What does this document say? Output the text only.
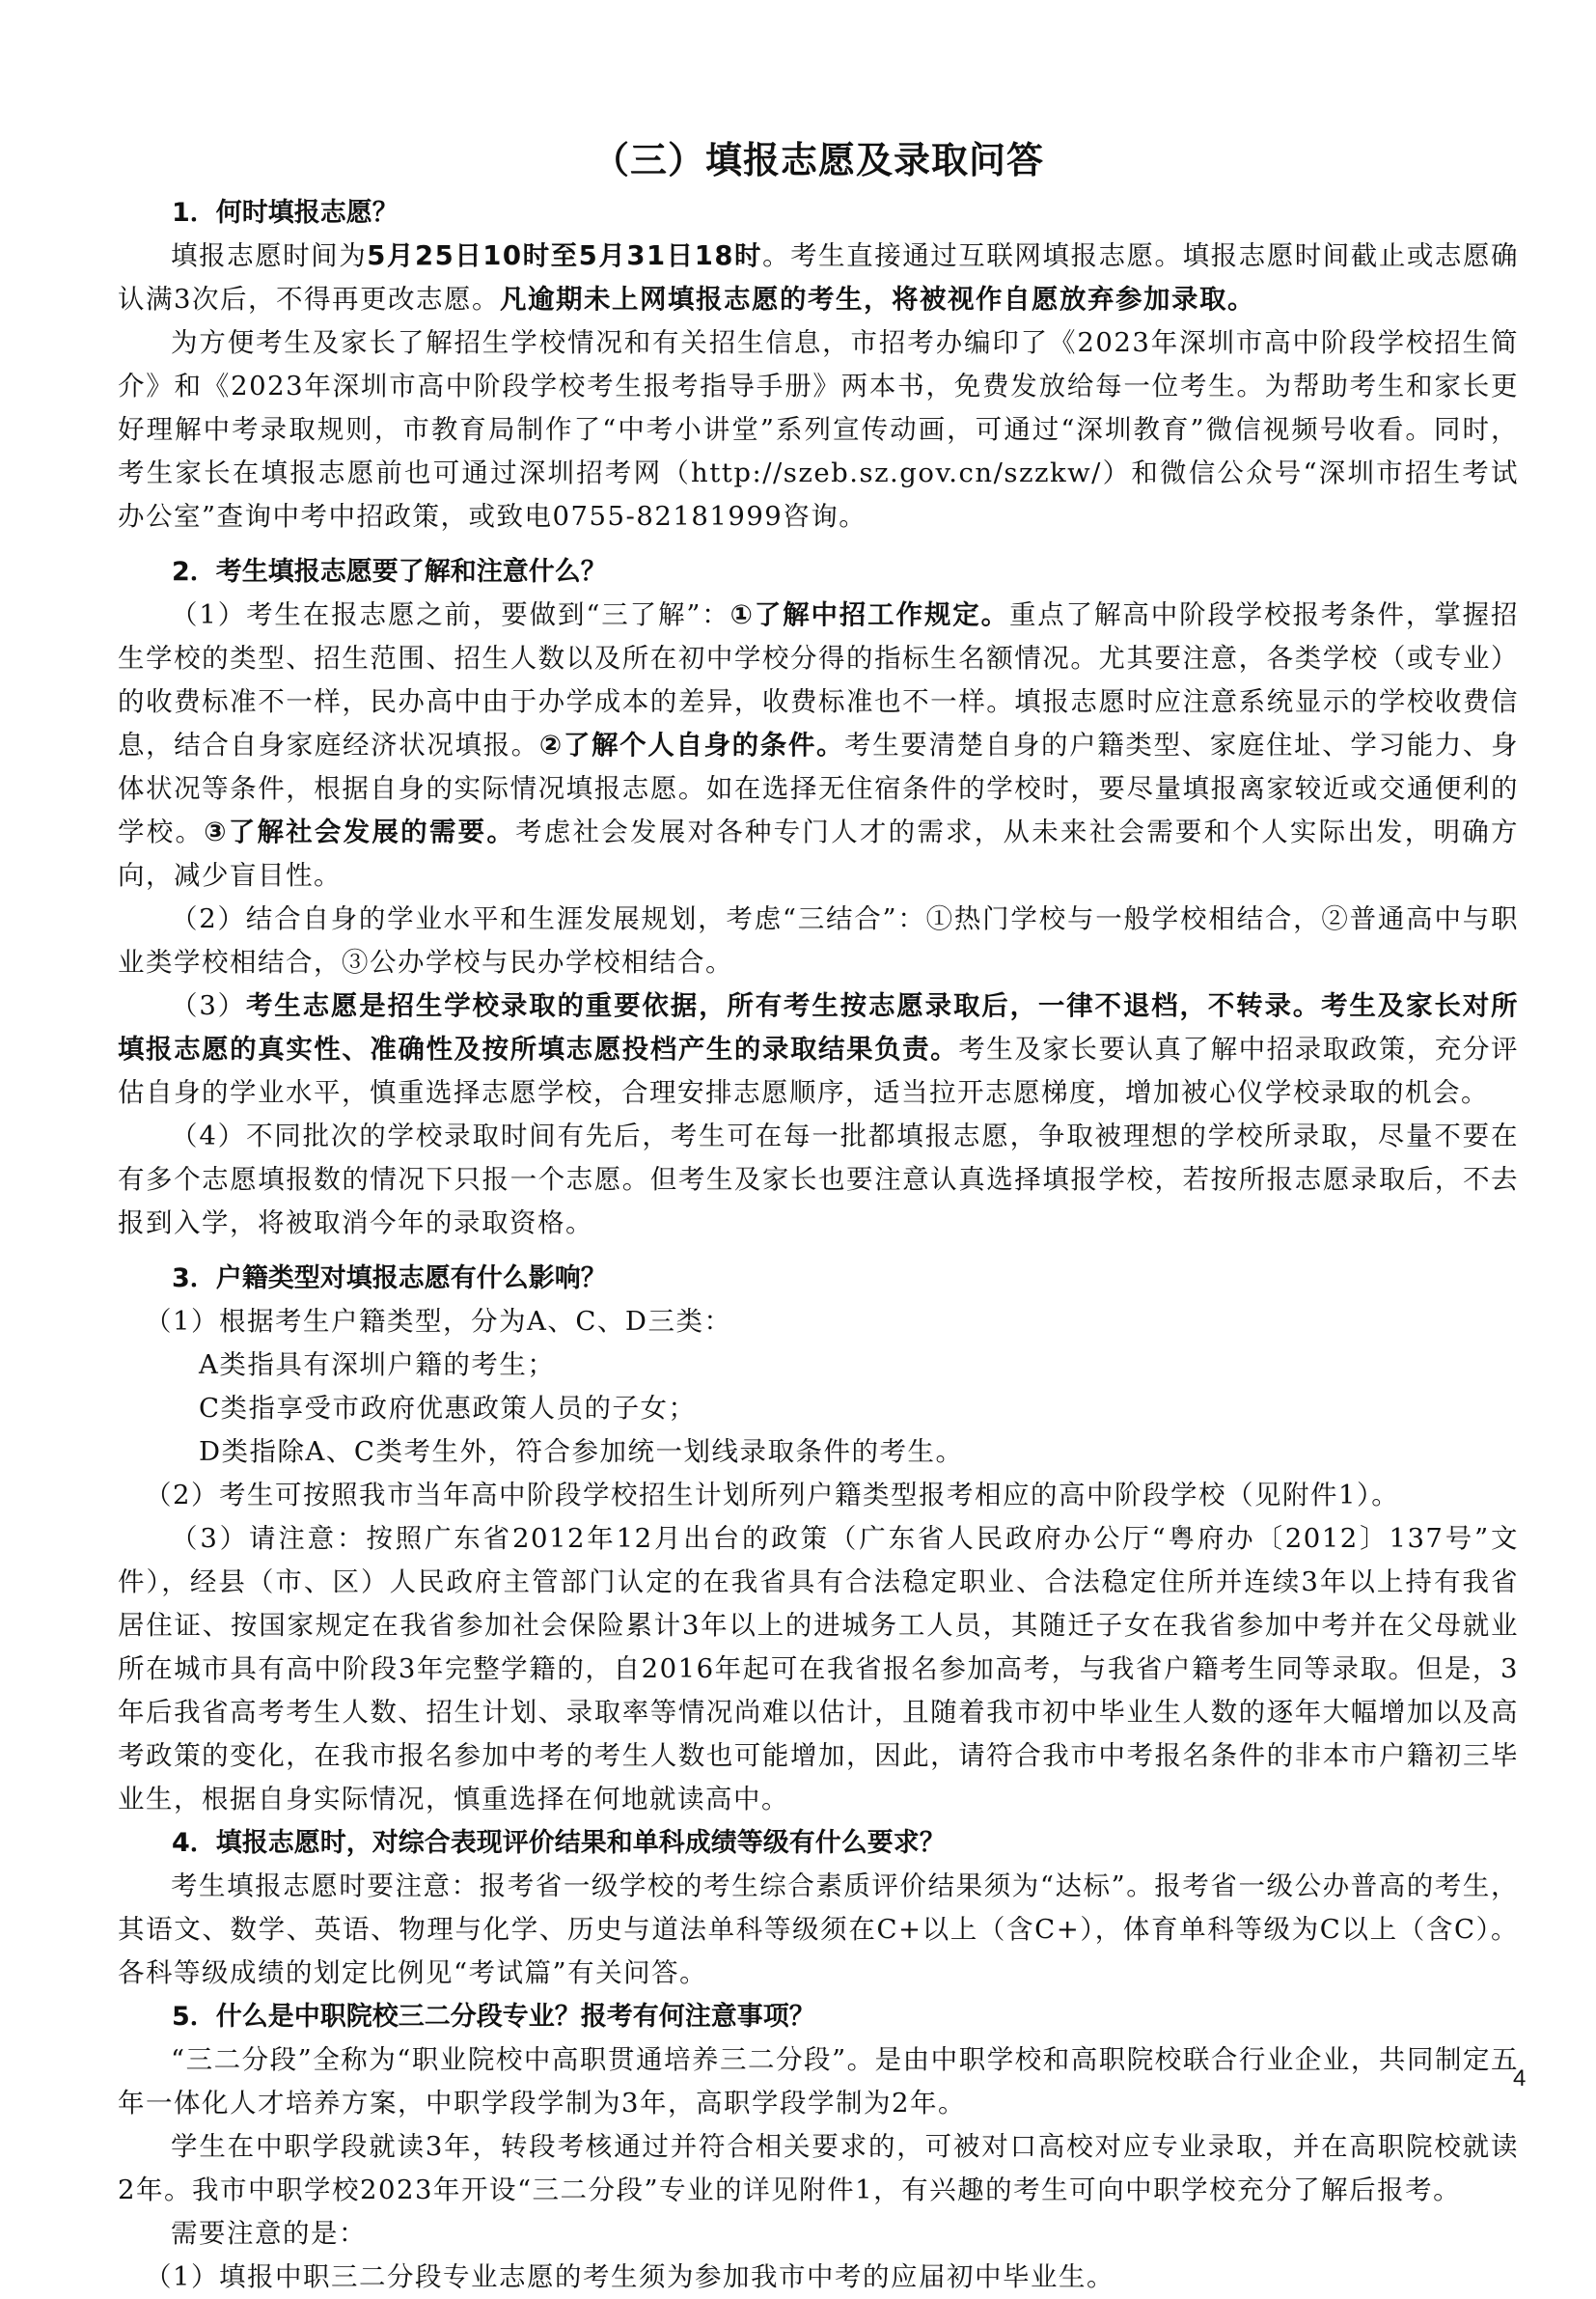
（三）填报志愿及录取问答
1．何时填报志愿？

填报志愿时间为5月25日10时至5月31日18时。考生直接通过互联网填报志愿。填报志愿时间截止或志愿确认满3次后，不得再更改志愿。凡逾期未上网填报志愿的考生，将被视作自愿放弃参加录取。

为方便考生及家长了解招生学校情况和有关招生信息，市招考办编印了《2023年深圳市高中阶段学校招生简介》和《2023年深圳市高中阶段学校考生报考指导手册》两本书，免费发放给每一位考生。为帮助考生和家长更好理解中考录取规则，市教育局制作了“中考小讲堂”系列宣传动画，可通过“深圳教育”微信视频号收看。同时，考生家长在填报志愿前也可通过深圳招考网（http://szeb.sz.gov.cn/szzkw/）和微信公众号“深圳市招生考试办公室”查询中考中招政策，或致电0755-82181999咨询。

2．考生填报志愿要了解和注意什么？

（1）考生在报志愿之前，要做到“三了解”：①了解中招工作规定。重点了解高中阶段学校报考条件，掌握招生学校的类型、招生范围、招生人数以及所在初中学校分得的指标生名额情况。尤其要注意，各类学校（或专业）的收费标准不一样，民办高中由于办学成本的差异，收费标准也不一样。填报志愿时应注意系统显示的学校收费信息，结合自身家庭经济状况填报。②了解个人自身的条件。考生要清楚自身的户籍类型、家庭住址、学习能力、身体状况等条件，根据自身的实际情况填报志愿。如在选择无住宿条件的学校时，要尽量填报离家较近或交通便利的学校。③了解社会发展的需要。考虑社会发展对各种专门人才的需求，从未来社会需要和个人实际出发，明确方向，减少盲目性。

（2）结合自身的学业水平和生涯发展规划，考虑“三结合”：①热门学校与一般学校相结合，②普通高中与职业类学校相结合，③公办学校与民办学校相结合。

（3）考生志愿是招生学校录取的重要依据，所有考生按志愿录取后，一律不退档，不转录。考生及家长对所填报志愿的真实性、准确性及按所填志愿投档产生的录取结果负责。考生及家长要认真了解中招录取政策，充分评估自身的学业水平，慎重选择志愿学校，合理安排志愿顺序，适当拉开志愿梯度，增加被心仪学校录取的机会。

（4）不同批次的学校录取时间有先后，考生可在每一批都填报志愿，争取被理想的学校所录取，尽量不要在有多个志愿填报数的情况下只报一个志愿。但考生及家长也要注意认真选择填报学校，若按所报志愿录取后，不去报到入学，将被取消今年的录取资格。

3．户籍类型对填报志愿有什么影响？

（1）根据考生户籍类型，分为A、C、D三类：

A类指具有深圳户籍的考生；

C类指享受市政府优惠政策人员的子女；

D类指除A、C类考生外，符合参加统一划线录取条件的考生。

（2）考生可按照我市当年高中阶段学校招生计划所列户籍类型报考相应的高中阶段学校（见附件1）。

（3）请注意：按照广东省2012年12月出台的政策（广东省人民政府办公厅“粤府办〔2012〕137号”文件），经县（市、区）人民政府主管部门认定的在我省具有合法稳定职业、合法稳定住所并连续3年以上持有我省居住证、按国家规定在我省参加社会保险累计3年以上的进城务工人员，其随迁子女在我省参加中考并在父母就业所在城市具有高中阶段3年完整学籍的，自2016年起可在我省报名参加高考，与我省户籍考生同等录取。但是，3年后我省高考考生人数、招生计划、录取率等情况尚难以估计，且随着我市初中毕业生人数的逐年大幅增加以及高考政策的变化，在我市报名参加中考的考生人数也可能增加，因此，请符合我市中考报名条件的非本市户籍初三毕业生，根据自身实际情况，慎重选择在何地就读高中。

4．填报志愿时，对综合表现评价结果和单科成绩等级有什么要求？

考生填报志愿时要注意：报考省一级学校的考生综合素质评价结果须为“达标”。报考省一级公办普高的考生，其语文、数学、英语、物理与化学、历史与道法单科等级须在C+以上（含C+），体育单科等级为C以上（含C）。各科等级成绩的划定比例见“考试篇”有关问答。

5．什么是中职院校三二分段专业？报考有何注意事项？

“三二分段”全称为“职业院校中高职贯通培养三二分段”。是由中职学校和高职院校联合行业企业，共同制定五年一体化人才培养方案，中职学段学制为3年，高职学段学制为2年。

学生在中职学段就读3年，转段考核通过并符合相关要求的，可被对口高校对应专业录取，并在高职院校就读2年。我市中职学校2023年开设“三二分段”专业的详见附件1，有兴趣的考生可向中职学校充分了解后报考。

需要注意的是：

（1）填报中职三二分段专业志愿的考生须为参加我市中考的应届初中毕业生。

4
